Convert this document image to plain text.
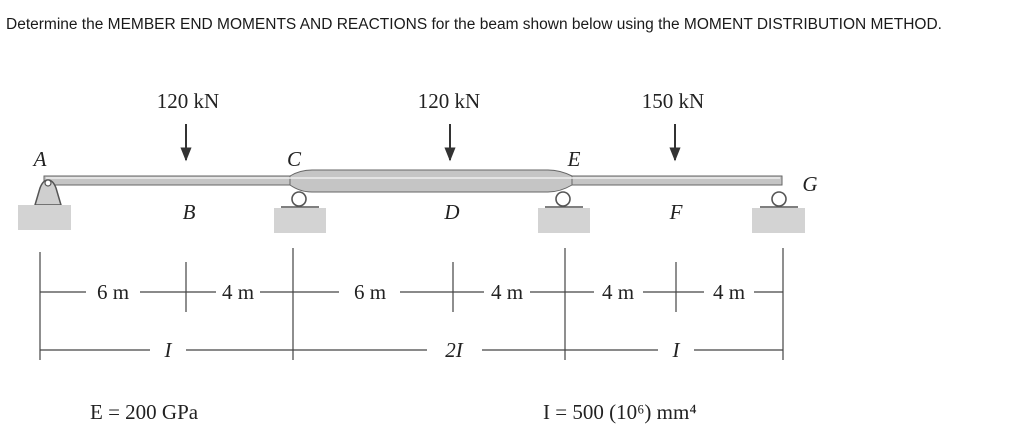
Determine the MEMBER END MOMENTS AND REACTIONS for the beam shown below using the MOMENT DISTRIBUTION METHOD.
120 kN	120 kN	150 kN
A
B
C
D
E
F
G
6 m	4 m	6 m	4 m	4 m	4 m
I	2I	I
E = 200 GPa	I = 500 (10⁶) mm⁴
